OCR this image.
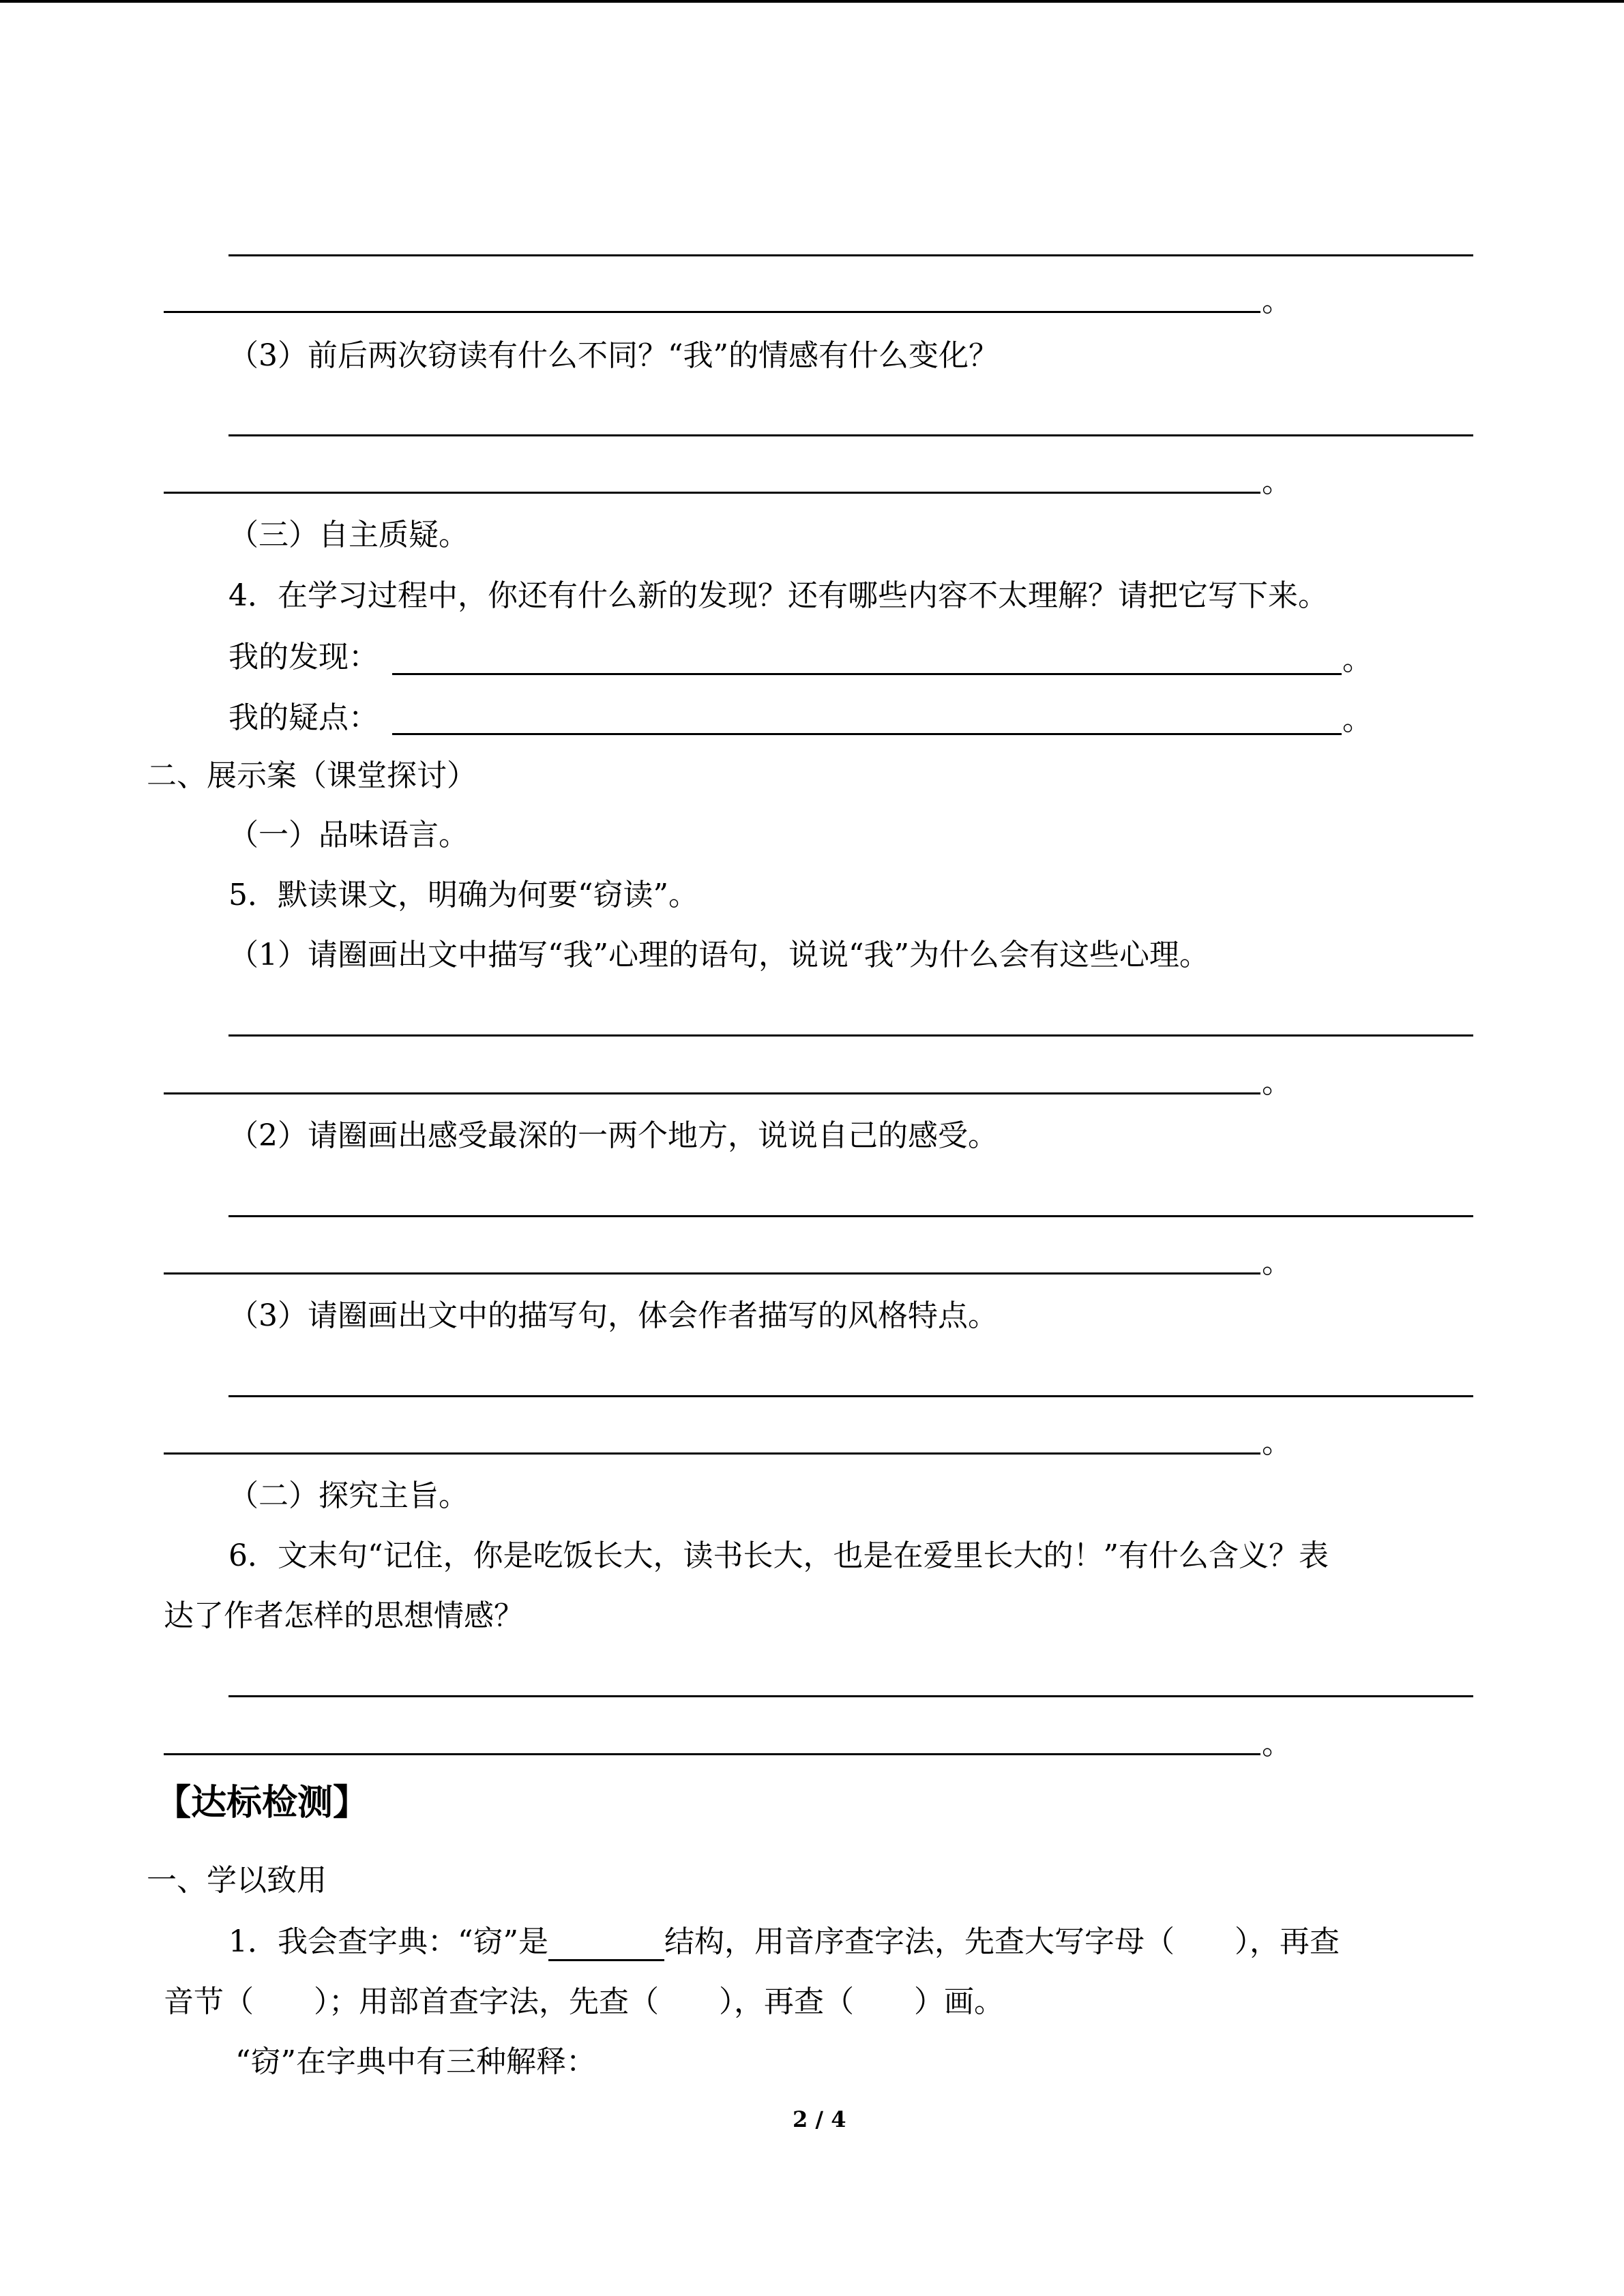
。
（3）前后两次窃读有什么不同？“我”的情感有什么变化？
。
（三）自主质疑。
4．在学习过程中，你还有什么新的发现？还有哪些内容不太理解？请把它写下来。
我的发现：	。
我的疑点：	。
二、展示案（课堂探讨）
（一）品味语言。
5．默读课文，明确为何要“窃读”。
（1）请圈画出文中描写“我”心理的语句，说说“我”为什么会有这些心理。
。
（2）请圈画出感受最深的一两个地方，说说自己的感受。
。
（3）请圈画出文中的描写句，体会作者描写的风格特点。
。
（二）探究主旨。
6．文末句“记住，你是吃饭长大，读书长大，也是在爱里长大的！”有什么含义？表
达了作者怎样的思想情感？
。
【达标检测】
一、学以致用
1．我会查字典：“窃”是	结构，用音序查字法，先查大写字母（　　），再查
音节（　　）；用部首查字法，先查（　　），再查（　　）画。
“窃”在字典中有三种解释：
2 / 4
